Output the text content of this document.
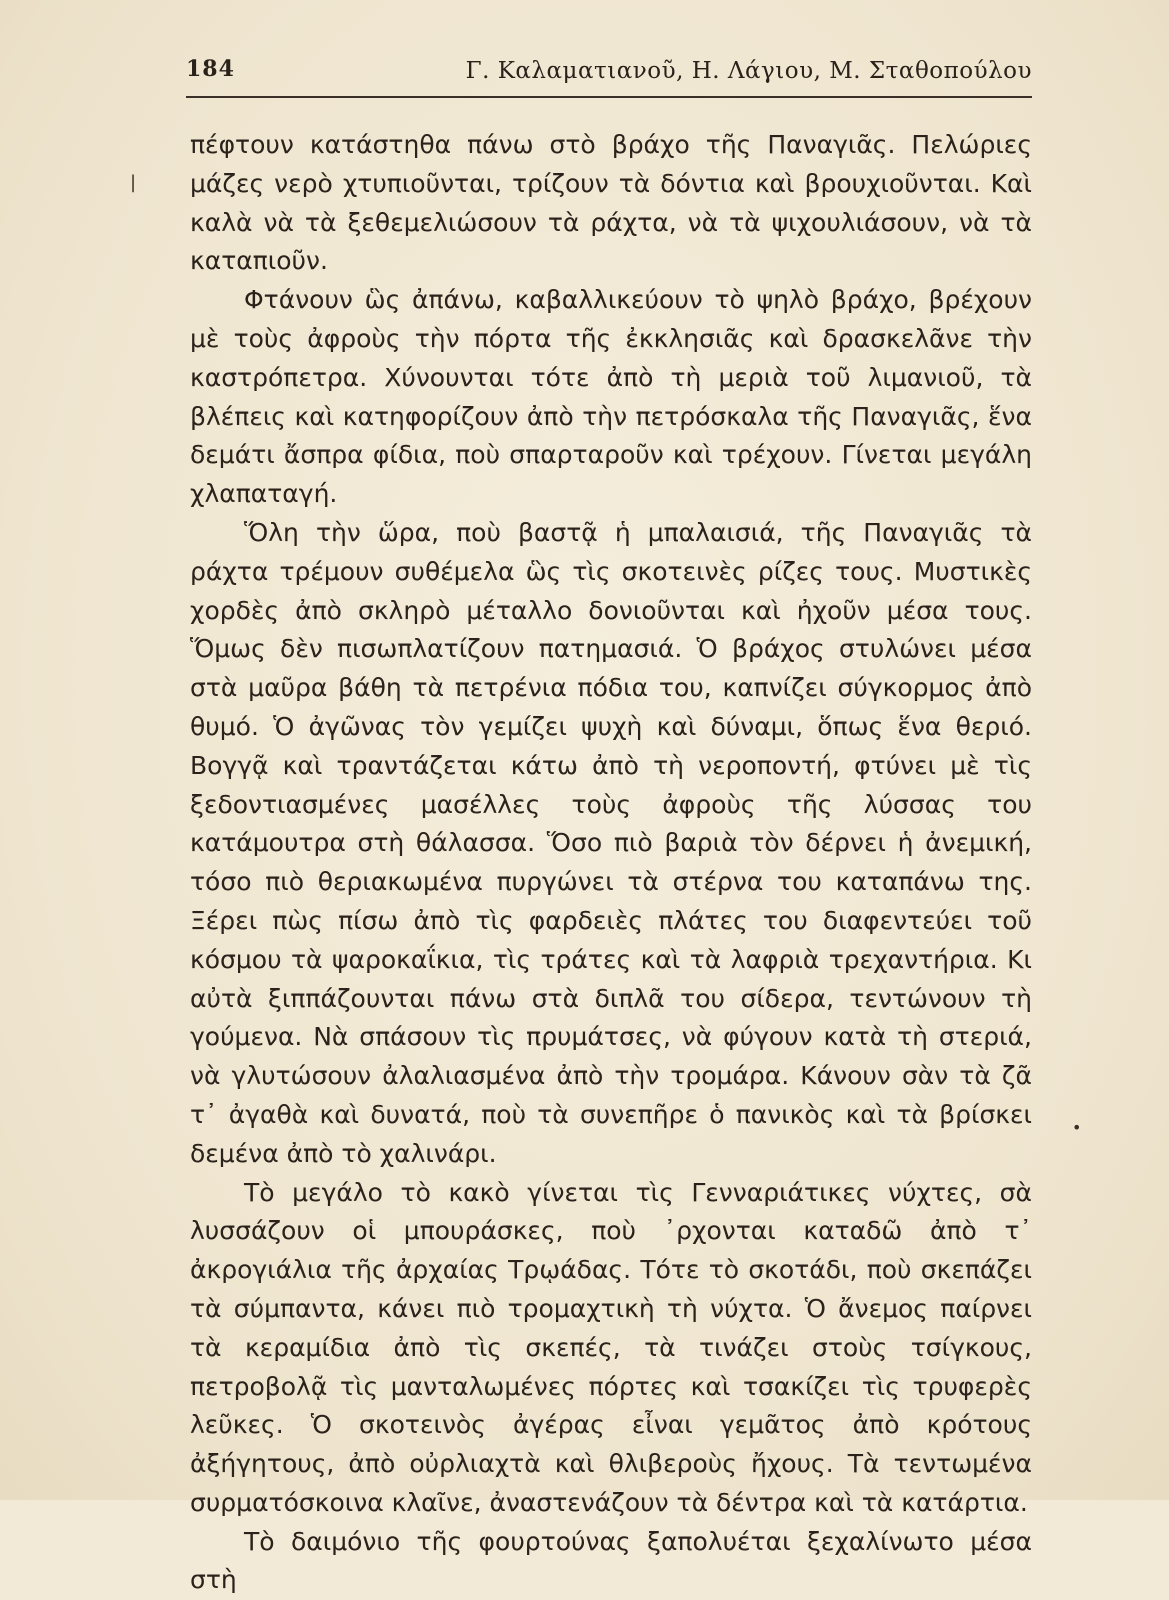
184	Γ. Καλαματιανοῦ, Η. Λάγιου, Μ. Σταθοπούλου
|
•

πέφτουν κατάστηθα πάνω στὸ βράχο τῆς Παναγιᾶς. Πελώριες μάζες νερὸ χτυπιοῦνται, τρίζουν τὰ δόντια καὶ βρουχιοῦνται. Καὶ καλὰ νὰ τὰ ξεθεμελιώσουν τὰ ράχτα, νὰ τὰ ψιχουλιάσουν, νὰ τὰ καταπιοῦν.

Φτάνουν ὣς ἀπάνω, καβαλλικεύουν τὸ ψηλὸ βράχο, βρέχουν μὲ τοὺς ἀφροὺς τὴν πόρτα τῆς ἐκκλησιᾶς καὶ δρασκελᾶνε τὴν καστρόπετρα. Χύνουνται τότε ἀπὸ τὴ μεριὰ τοῦ λιμανιοῦ, τὰ βλέπεις καὶ κατηφορίζουν ἀπὸ τὴν πετρόσκαλα τῆς Παναγιᾶς, ἕνα δεμάτι ἄσπρα φίδια, ποὺ σπαρταροῦν καὶ τρέχουν. Γίνεται μεγάλη χλαπαταγή.

Ὅλη τὴν ὥρα, ποὺ βαστᾷ ἡ μπαλαισιά, τῆς Παναγιᾶς τὰ ράχτα τρέμουν συθέμελα ὣς τὶς σκοτεινὲς ρίζες τους. Μυστικὲς χορδὲς ἀπὸ σκληρὸ μέταλλο δονιοῦνται καὶ ἠχοῦν μέσα τους. Ὅμως δὲν πισωπλατίζουν πατημασιά. Ὁ βράχος στυλώνει μέσα στὰ μαῦρα βάθη τὰ πετρένια πόδια του, καπνίζει σύγκορμος ἀπὸ θυμό. Ὁ ἀγῶνας τὸν γεμίζει ψυχὴ καὶ δύναμι, ὅπως ἕνα θεριό. Βογγᾷ καὶ τραντάζεται κάτω ἀπὸ τὴ νεροποντή, φτύνει μὲ τὶς ξεδοντιασμένες μασέλλες τοὺς ἀφροὺς τῆς λύσσας του κατάμουτρα στὴ θάλασσα. Ὅσο πιὸ βαριὰ τὸν δέρνει ἡ ἀνεμική, τόσο πιὸ θεριακωμένα πυργώνει τὰ στέρνα του καταπάνω της. Ξέρει πὼς πίσω ἀπὸ τὶς φαρδειὲς πλάτες του διαφεντεύει τοῦ κόσμου τὰ ψαροκαΐκια, τὶς τράτες καὶ τὰ λαφριὰ τρεχαντήρια. Κι αὐτὰ ξιππάζουνται πάνω στὰ διπλᾶ του σίδερα, τεντώνουν τὴ γούμενα. Νὰ σπάσουν τὶς πρυμάτσες, νὰ φύγουν κατὰ τὴ στεριά, νὰ γλυτώσουν ἀλαλιασμένα ἀπὸ τὴν τρομάρα. Κάνουν σὰν τὰ ζᾶ τ᾽ ἀγαθὰ καὶ δυνατά, ποὺ τὰ συνεπῆρε ὁ πανικὸς καὶ τὰ βρίσκει δεμένα ἀπὸ τὸ χαλινάρι.

Τὸ μεγάλο τὸ κακὸ γίνεται τὶς Γενναριάτικες νύχτες, σὰ λυσσάζουν οἱ μπουράσκες, ποὺ ᾽ρχονται καταδῶ ἀπὸ τ᾽ ἀκρογιάλια τῆς ἀρχαίας Τρῳάδας. Τότε τὸ σκοτάδι, ποὺ σκεπάζει τὰ σύμπαντα, κάνει πιὸ τρομαχτικὴ τὴ νύχτα. Ὁ ἄνεμος παίρνει τὰ κεραμίδια ἀπὸ τὶς σκεπές, τὰ τινάζει στοὺς τσίγκους, πετροβολᾷ τὶς μανταλωμένες πόρτες καὶ τσακίζει τὶς τρυφερὲς λεῦκες. Ὁ σκοτεινὸς ἀγέρας εἶναι γεμᾶτος ἀπὸ κρότους ἀξήγητους, ἀπὸ οὐρλιαχτὰ καὶ θλιβεροὺς ἤχους. Τὰ τεντωμένα συρματόσκοινα κλαῖνε, ἀναστενάζουν τὰ δέντρα καὶ τὰ κατάρτια.

Τὸ δαιμόνιο τῆς φουρτούνας ξαπολυέται ξεχαλίνωτο μέσα στὴ
